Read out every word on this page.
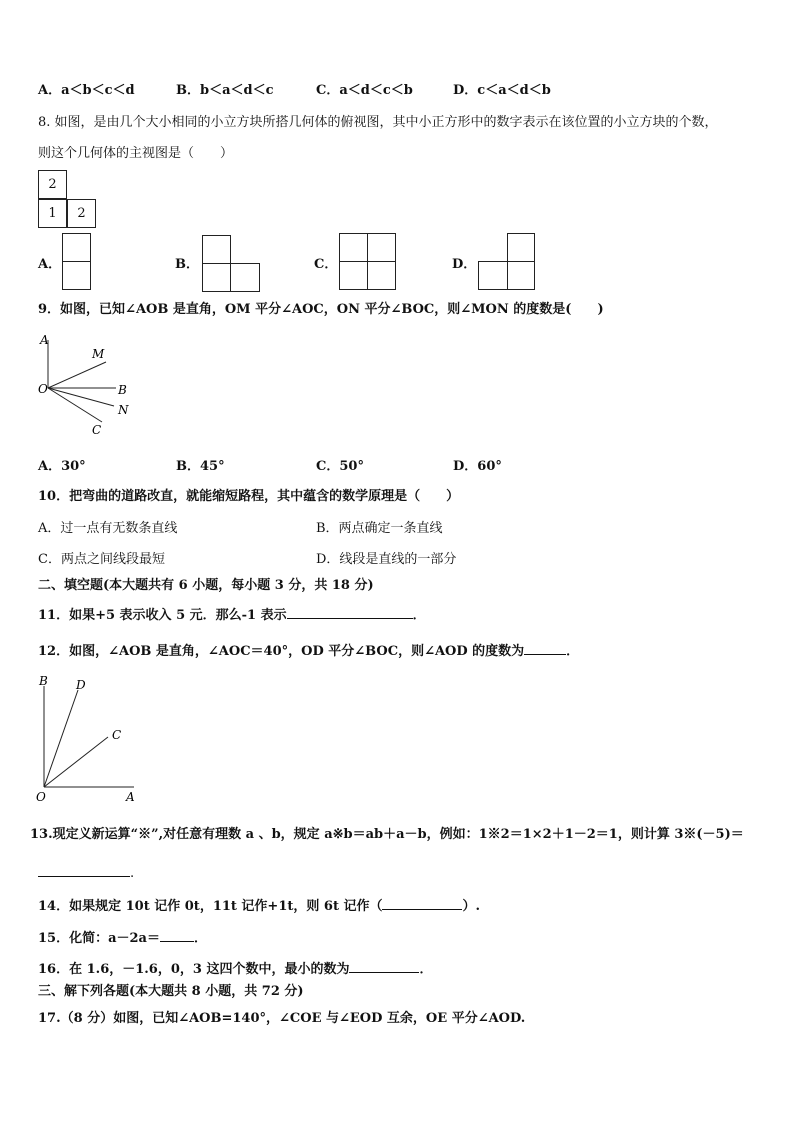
A．a＜b＜c＜d	B．b＜a＜d＜c	C．a＜d＜c＜b	D．c＜a＜d＜b
8. 如图，是由几个大小相同的小立方块所搭几何体的俯视图，其中小正方形中的数字表示在该位置的小立方块的个数，
则这个几何体的主视图是（　　）
2
1	2
A．	B．	C．	D．
9．如图，已知∠AOB 是直角，OM 平分∠AOC，ON 平分∠BOC，则∠MON 的度数是(　　)
A
M
O	B
N
C
A．30°	B．45°	C．50°	D．60°
10．把弯曲的道路改直，就能缩短路程，其中蕴含的数学原理是（　　）
A．过一点有无数条直线	B．两点确定一条直线
C．两点之间线段最短	D．线段是直线的一部分
二、填空题(本大题共有 6 小题，每小题 3 分，共 18 分)
11．如果+5 表示收入 5 元．那么-1 表示	．
12．如图，∠AOB 是直角，∠AOC＝40°，OD 平分∠BOC，则∠AOD 的度数为	．
B D
C
O	A
13.现定义新运算“※”,对任意有理数 a 、b，规定 a※b＝ab＋a－b，例如：1※2＝1×2＋1－2＝1，则计算 3※(－5)＝
.
14．如果规定 10t 记作 0t，11t 记作+1t，则 6t 记作（	）.
15．化简：a－2a＝	．
16．在 1.6，－1.6，0，3 这四个数中，最小的数为	．
三、解下列各题(本大题共 8 小题，共 72 分)
17.（8 分）如图，已知∠AOB=140°，∠COE 与∠EOD 互余，OE 平分∠AOD.
